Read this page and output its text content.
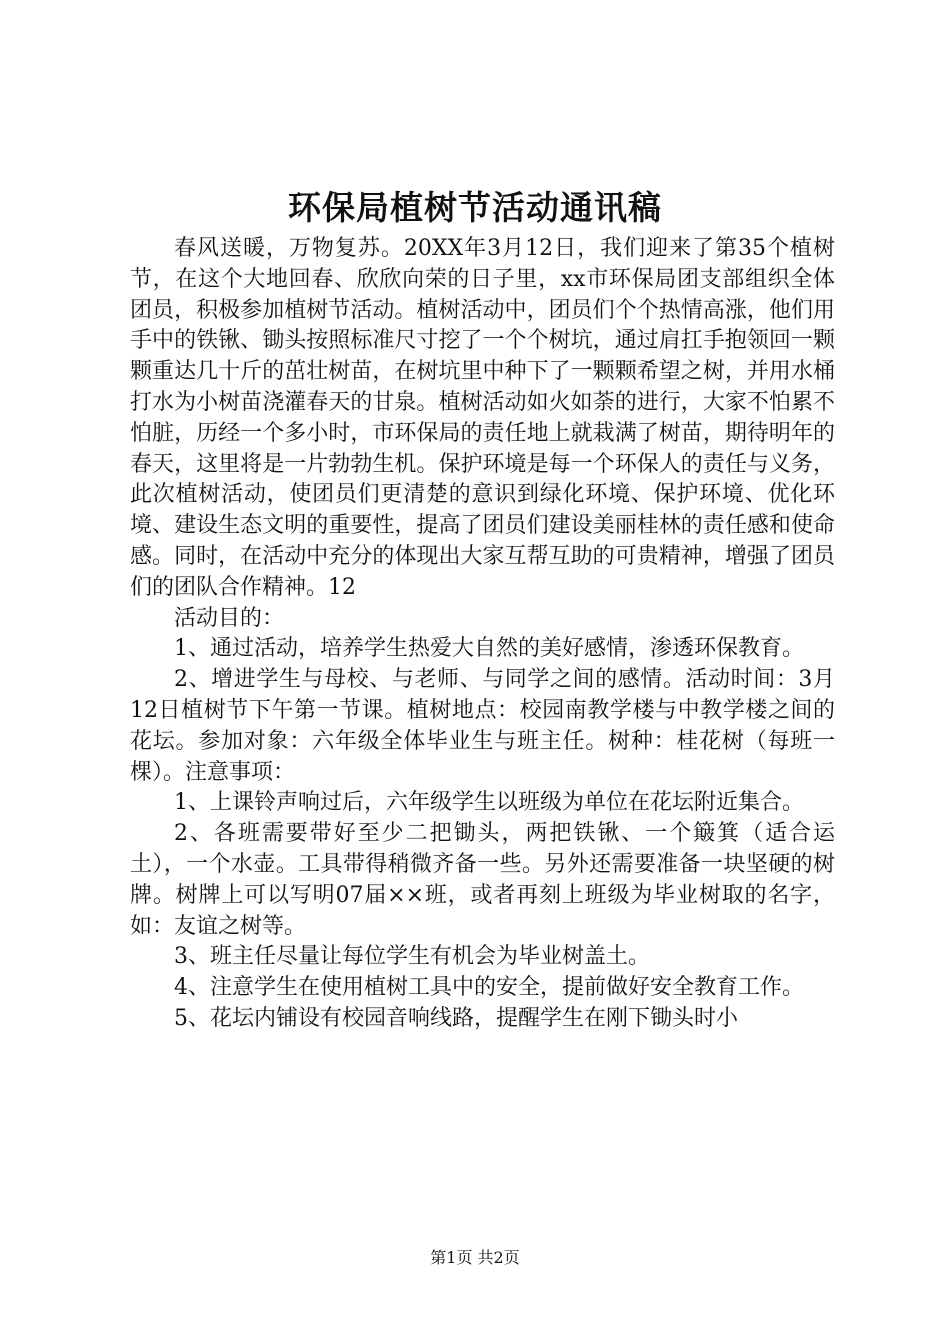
环保局植树节活动通讯稿

春风送暖，万物复苏。20XX年3月12日，我们迎来了第35个植树节，在这个大地回春、欣欣向荣的日子里，xx市环保局团支部组织全体团员，积极参加植树节活动。植树活动中，团员们个个热情高涨，他们用手中的铁锹、锄头按照标准尺寸挖了一个个树坑，通过肩扛手抱领回一颗颗重达几十斤的茁壮树苗，在树坑里中种下了一颗颗希望之树，并用水桶打水为小树苗浇灌春天的甘泉。植树活动如火如荼的进行，大家不怕累不怕脏，历经一个多小时，市环保局的责任地上就栽满了树苗，期待明年的春天，这里将是一片勃勃生机。保护环境是每一个环保人的责任与义务，此次植树活动，使团员们更清楚的意识到绿化环境、保护环境、优化环境、建设生态文明的重要性，提高了团员们建设美丽桂林的责任感和使命感。同时，在活动中充分的体现出大家互帮互助的可贵精神，增强了团员们的团队合作精神。12

活动目的：

1、通过活动，培养学生热爱大自然的美好感情，渗透环保教育。

2、增进学生与母校、与老师、与同学之间的感情。活动时间：3月12日植树节下午第一节课。植树地点：校园南教学楼与中教学楼之间的花坛。参加对象：六年级全体毕业生与班主任。树种：桂花树（每班一棵）。注意事项：

1、上课铃声响过后，六年级学生以班级为单位在花坛附近集合。

2、各班需要带好至少二把锄头，两把铁锹、一个簸箕（适合运土），一个水壶。工具带得稍微齐备一些。另外还需要准备一块坚硬的树牌。树牌上可以写明07届××班，或者再刻上班级为毕业树取的名字，如：友谊之树等。

3、班主任尽量让每位学生有机会为毕业树盖土。

4、注意学生在使用植树工具中的安全，提前做好安全教育工作。

5、花坛内铺设有校园音响线路，提醒学生在刚下锄头时小

第1页 共2页
